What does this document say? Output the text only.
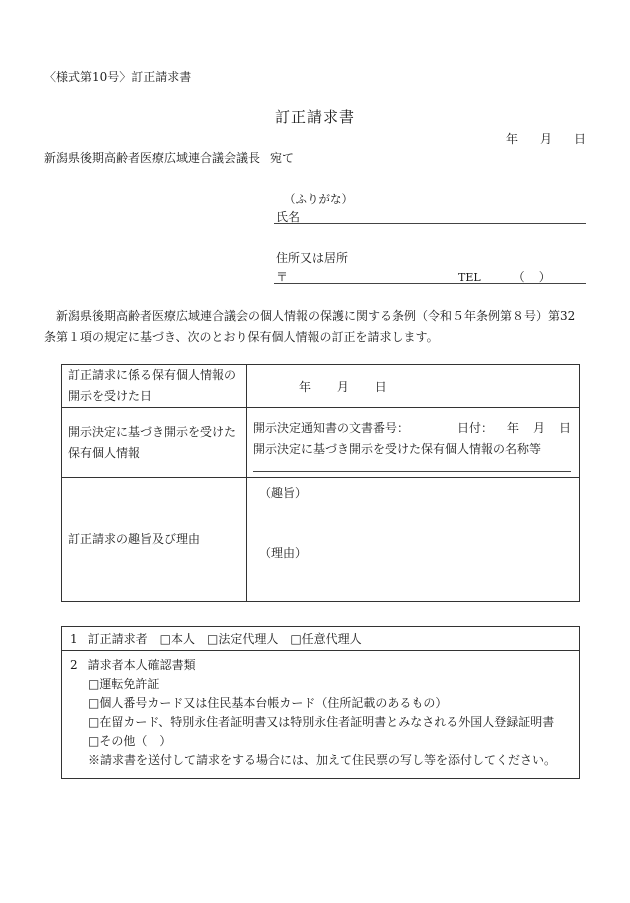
〈様式第10号〉訂正請求書
訂正請求書
年 月 日
新潟県後期高齢者医療広域連合議会議長 宛て
（ふりがな）
氏名
住所又は居所
〒	TEL	（ ）

新潟県後期高齢者医療広域連合議会の個人情報の保護に関する条例（令和５年条例第８号）第32

条第１項の規定に基づき、次のとおり保有個人情報の訂正を請求します。

訂正請求に係る保有個人情報の開示を受けた日	年 月 日

開示決定に基づき開示を受けた保有個人情報	開示決定通知書の文書番号： 日付： 年 月 日
開示決定に基づき開示を受けた保有個人情報の名称等

訂正請求の趣旨及び理由	（趣旨）
（理由）
1 訂正請求者 □本人 □法定代理人 □任意代理人
2 請求者本人確認書類
□運転免許証
□個人番号カード又は住民基本台帳カード（住所記載のあるもの）
□在留カード、特別永住者証明書又は特別永住者証明書とみなされる外国人登録証明書
□その他（　）
※請求書を送付して請求をする場合には、加えて住民票の写し等を添付してください。
